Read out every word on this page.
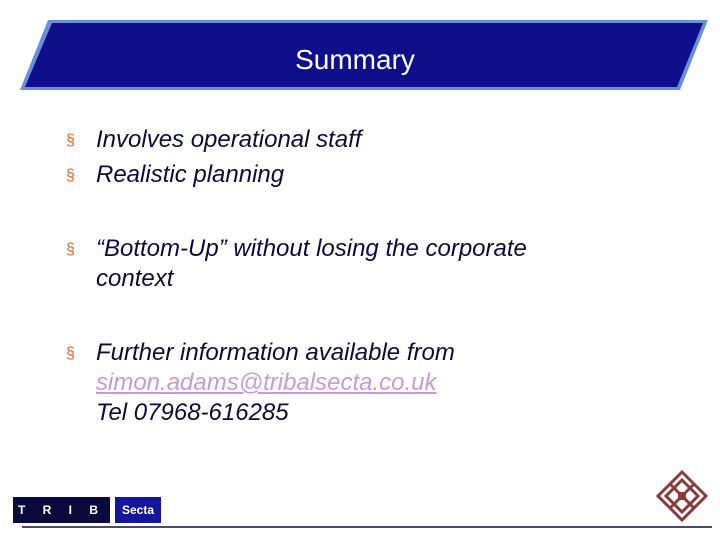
Summary
§ Involves operational staff
§ Realistic planning
§ “Bottom-Up” without losing the corporate
context
§ Further information available from
simon.adams@tribalsecta.co.uk
Tel 07968-616285
T R I B A L
Secta
